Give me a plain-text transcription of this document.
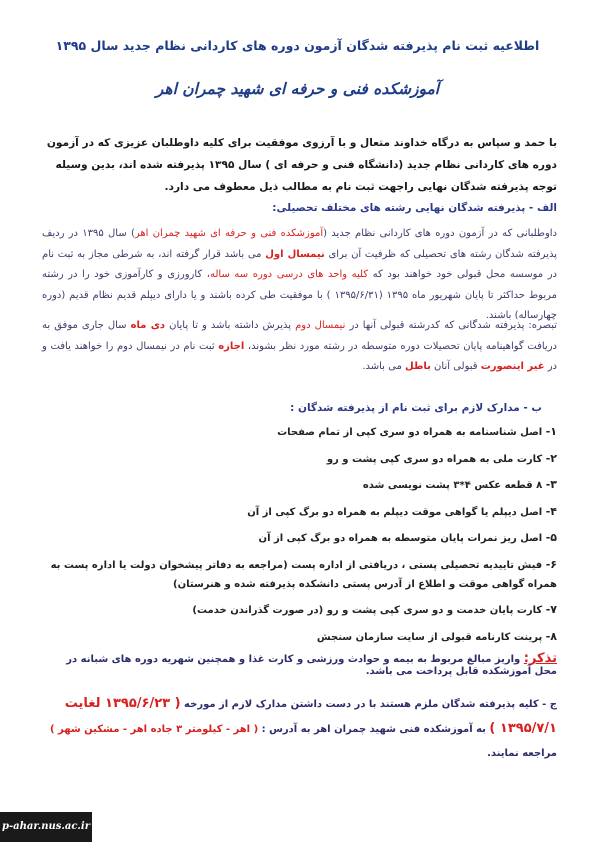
اطلاعیه ثبت نام پذیرفته شدگان آزمون دوره های کاردانی نظام جدید سال ۱۳۹۵
آموزشکده فنی و حرفه ای شهید چمران اهر
با حمد و سپاس به درگاه خداوند متعال و با آرزوی موفقیت برای کلیه داوطلبان عزیزی که در آزمون دوره های کاردانی نظام جدید (دانشگاه فنی و حرفه ای ) سال ۱۳۹۵ پذیرفته شده اند، بدین وسیله توجه پذیرفته شدگان نهایی راجهت ثبت نام به مطالب ذیل معطوف می دارد.
الف - پذیرفته شدگان نهایی رشته های مختلف تحصیلی:
داوطلبانی که در آزمون دوره های کاردانی نظام جدید (آموزشکده فنی و حرفه ای شهید چمران اهر) سال ۱۳۹۵ در ردیف پذیرفته شدگان رشته های تحصیلی که ظرفیت آن برای نیمسال اول می باشد قرار گرفته اند، به شرطی مجاز به ثبت نام در موسسه محل قبولی خود خواهند بود که کلیه واحد های درسی دوره سه ساله، کارورزی و کارآموزی خود را در رشته مربوط حداکثر تا پایان شهریور ماه ۱۳۹۵ (۱۳۹۵/۶/۳۱ ) با موفقیت طی کرده باشند و یا دارای دیپلم قدیم نظام قدیم (دوره چهارساله) باشند.
تبصره: پذیرفته شدگانی که کدرشته قبولی آنها در نیمسال دوم پذیرش داشته باشد و تا پایان دی ماه سال جاری موفق به دریافت گواهینامه پایان تحصیلات دوره متوسطه در رشته مورد نظر بشوند، اجازه ثبت نام در نیمسال دوم را خواهند یافت و در غیر اینصورت قبولی آنان باطل می باشد.
ب - مدارک لازم برای ثبت نام از پذیرفته شدگان :
۱- اصل شناسنامه به همراه دو سری کپی از تمام صفحات
۲- کارت ملی به همراه دو سری کپی پشت و رو
۳- ۸ قطعه عکس ۴*۳ پشت نویسی شده
۴- اصل دیپلم یا گواهی موقت دیپلم به همراه دو برگ کپی از آن
۵- اصل ریز نمرات پایان متوسطه به همراه دو برگ کپی از آن
۶- فیش تاییدیه تحصیلی پستی ، دریافتی از اداره پست (مراجعه به دفاتر پیشخوان دولت یا اداره پست به همراه گواهی موقت و اطلاع از آدرس پستی دانشکده پذیرفته شده و هنرستان)
۷- کارت پایان خدمت و دو سری کپی پشت و رو (در صورت گذراندن خدمت)
۸- پرینت کارنامه قبولی از سایت سازمان سنجش
تذکر: واریز مبالغ مربوط به بیمه و حوادث ورزشی و کارت غذا و همچنین شهریه دوره های شبانه در محل آموزشکده قابل پرداخت می باشد.
ج - کلیه پذیرفته شدگان ملزم هستند با در دست داشتن مدارک لازم از مورخه ( ۱۳۹۵/۶/۲۳ لغایت ۱۳۹۵/۷/۱ ) به آموزشکده فنی شهید چمران اهر به آدرس : ( اهر - کیلومتر ۳ جاده اهر - مشکین شهر ) مراجعه نمایند.
p-ahar.nus.ac.ir
